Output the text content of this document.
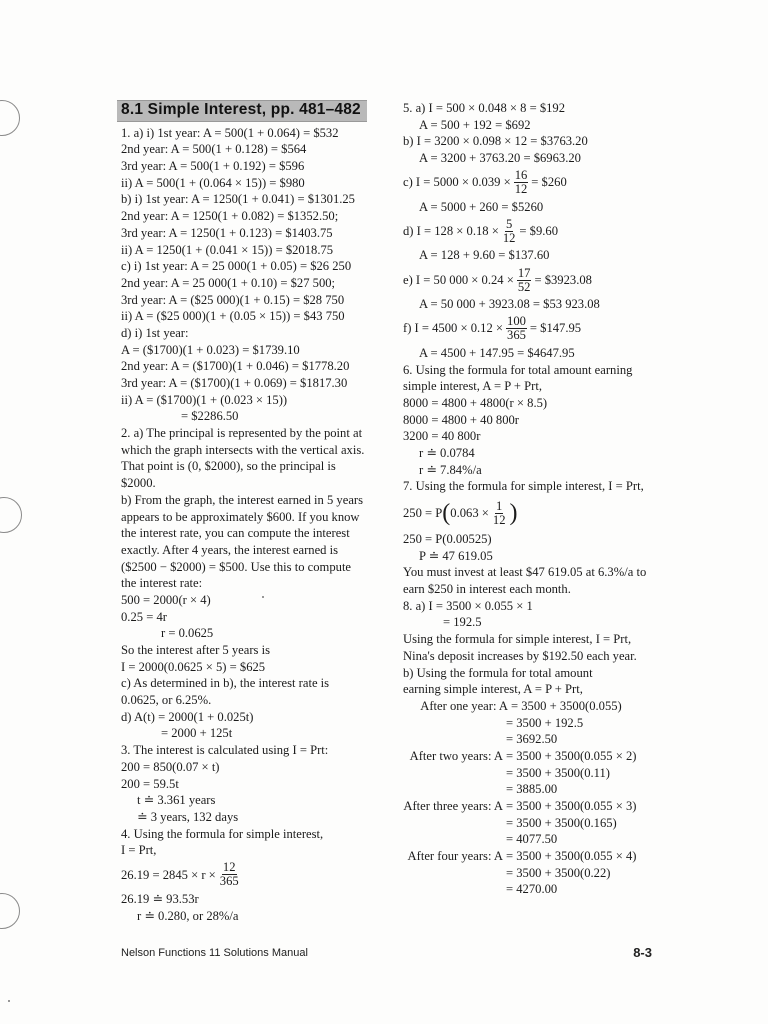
8.1 Simple Interest, pp. 481–482
1. a) i) 1st year: A = 500(1 + 0.064) = $532
2nd year: A = 500(1 + 0.128) = $564
3rd year: A = 500(1 + 0.192) = $596
ii) A = 500(1 + (0.064 × 15)) = $980
b) i) 1st year: A = 1250(1 + 0.041) = $1301.25
2nd year: A = 1250(1 + 0.082) = $1352.50;
3rd year: A = 1250(1 + 0.123) = $1403.75
ii) A = 1250(1 + (0.041 × 15)) = $2018.75
c) i) 1st year: A = 25 000(1 + 0.05) = $26 250
2nd year: A = 25 000(1 + 0.10) = $27 500;
3rd year: A = ($25 000)(1 + 0.15) = $28 750
ii) A = ($25 000)(1 + (0.05 × 15)) = $43 750
d) i) 1st year:
A = ($1700)(1 + 0.023) = $1739.10
2nd year: A = ($1700)(1 + 0.046) = $1778.20
3rd year: A = ($1700)(1 + 0.069) = $1817.30
ii) A = ($1700)(1 + (0.023 × 15))
= $2286.50
2. a) The principal is represented by the point at
which the graph intersects with the vertical axis.
That point is (0, $2000), so the principal is
$2000.
b) From the graph, the interest earned in 5 years
appears to be approximately $600. If you know
the interest rate, you can compute the interest
exactly. After 4 years, the interest earned is
($2500 − $2000) = $500. Use this to compute
the interest rate:
500 = 2000(r × 4)
0.25 = 4r
r = 0.0625
So the interest after 5 years is
I = 2000(0.0625 × 5) = $625
c) As determined in b), the interest rate is
0.0625, or 6.25%.
d) A(t) = 2000(1 + 0.025t)
= 2000 + 125t
3. The interest is calculated using I = Prt:
200 = 850(0.07 × t)
200 = 59.5t
t ≐ 3.361 years
≐ 3 years, 132 days
4. Using the formula for simple interest,
I = Prt,
$26.19 = 2845 \times r \times \frac{12}{365}$
26.19 ≐ 93.53r
r ≐ 0.280, or 28%/a
5. a) I = 500 × 0.048 × 8 = $192
A = 500 + 192 = $692
b) I = 3200 × 0.098 × 12 = $3763.20
A = 3200 + 3763.20 = $6963.20
c) $I = 5000 \times 0.039 \times \frac{16}{12}$ = $260
A = 5000 + 260 = $5260
d) $I = 128 \times 0.18 \times \frac{5}{12}$ = $9.60
A = 128 + 9.60 = $137.60
e) I = 50 $000 \times 0.24 \times \frac{17}{52}$ = $3923.08
A = 50 000 + 3923.08 = $53 923.08
f) $I = 4500 \times 0.12 \times \frac{100}{365}$ = $147.95
A = 4500 + 147.95 = $4647.95
6. Using the formula for total amount earning
simple interest, A = P + Prt,
8000 = 4800 + 4800(r × 8.5)
8000 = 4800 + 40 800r
3200 = 40 800r
r ≐ 0.0784
r ≐ 7.84%/a
7. Using the formula for simple interest, I = Prt,
250 = P ( $0.063 \times \frac{1}{12}$ )
250 = P(0.00525)
P ≐ 47 619.05
You must invest at least $47 619.05 at 6.3%/a to
earn $250 in interest each month.
8. a) I = 3500 × 0.055 × 1
= 192.5
Using the formula for simple interest, I = Prt,
Nina's deposit increases by $192.50 each year.
b) Using the formula for total amount
earning simple interest, A = P + Prt,
After one year: A = 3500 + 3500(0.055)
= 3500 + 192.5
= 3692.50
After two years: A = 3500 + 3500(0.055 × 2)
= 3500 + 3500(0.11)
= 3885.00
After three years: A = 3500 + 3500(0.055 × 3)
= 3500 + 3500(0.165)
= 4077.50
After four years: A = 3500 + 3500(0.055 × 4)
= 3500 + 3500(0.22)
= 4270.00
Nelson Functions 11 Solutions Manual	8-3
